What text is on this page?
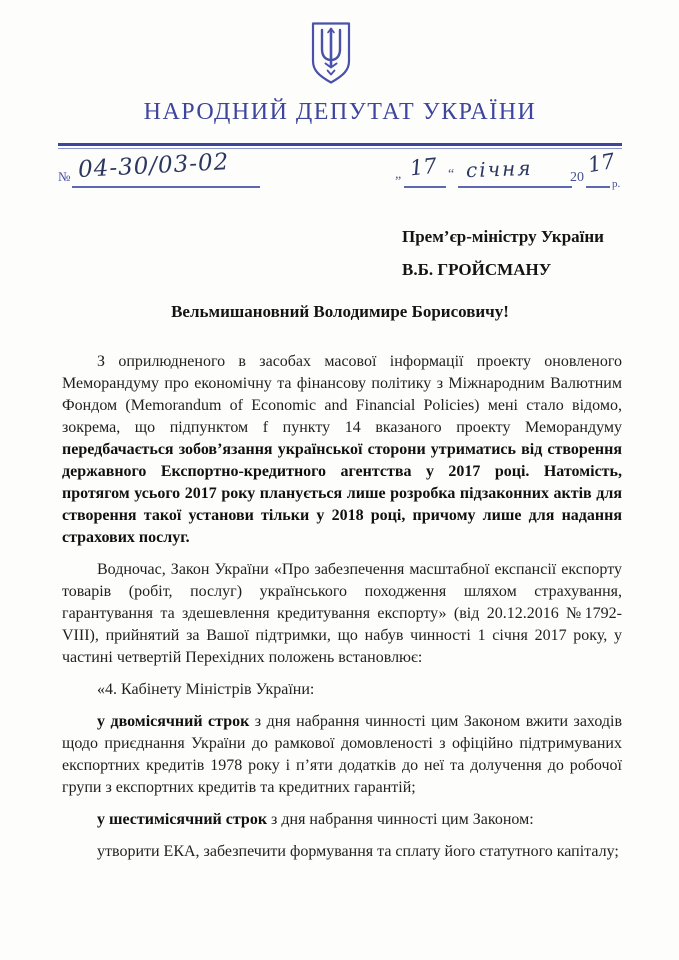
НАРОДНИЙ ДЕПУТАТ УКРАЇНИ
№ 04-30/03-02	„ 17 “ січня	20
17
р.
Прем’єр-міністру України
В.Б. ГРОЙСМАНУ
Вельмишановний Володимире Борисовичу!

З оприлюдненого в засобах масової інформації проекту оновленого Меморандуму про економічну та фінансову політику з Міжнародним Валютним Фондом (Memorandum of Economic and Financial Policies) мені стало відомо, зокрема, що підпунктом f пункту 14 вказаного проекту Меморандуму передбачається зобов’язання української сторони утриматись від створення державного Експортно-кредитного агентства у 2017 році. Натомість, протягом усього 2017 року планується лише розробка підзаконних актів для створення такої установи тільки у 2018 році, причому лише для надання страхових послуг.

Водночас, Закон України «Про забезпечення масштабної експансії експорту товарів (робіт, послуг) українського походження шляхом страхування, гарантування та здешевлення кредитування експорту» (від 20.12.2016 №1792-VIII), прийнятий за Вашої підтримки, що набув чинності 1 січня 2017 року, у частині четвертій Перехідних положень встановлює:

«4. Кабінету Міністрів України:

у двомісячний строк з дня набрання чинності цим Законом вжити заходів щодо приєднання України до рамкової домовленості з офіційно підтримуваних експортних кредитів 1978 року і п’яти додатків до неї та долучення до робочої групи з експортних кредитів та кредитних гарантій;

у шестимісячний строк з дня набрання чинності цим Законом:

утворити ЕКА, забезпечити формування та сплату його статутного капіталу;
